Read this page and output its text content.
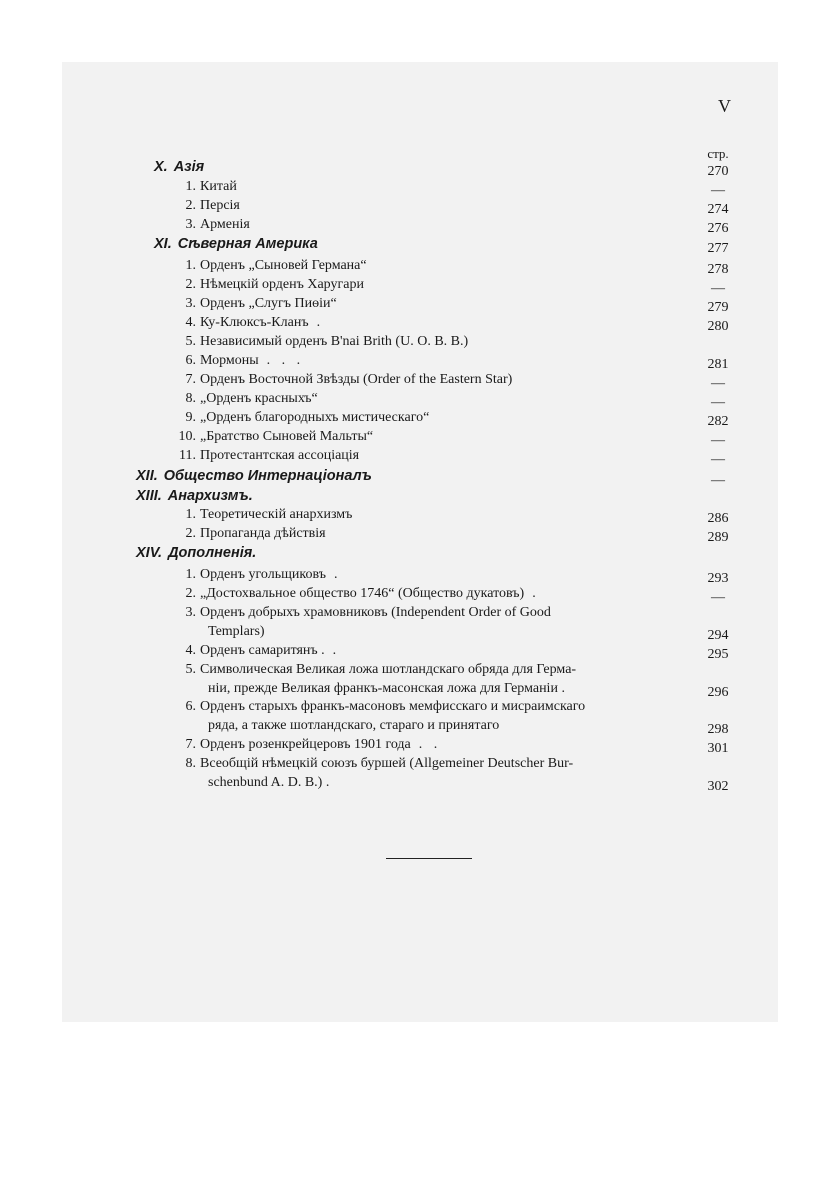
V
стр.
X. Азія	270
1. Китай	—
2. Персія	274
3. Арменія	276
XI. Сѣверная Америка	277
1. Орденъ „Сыновей Германа“	278
2. Нѣмецкій орденъ Харугари	—
3. Орденъ „Слугъ Пиѳіи“	279
4. Ку-Клюксъ-Кланъ .	280
5. Независимый орденъ B'nai Brith (U. O. B. B.)
6. Мормоны . . .	281
7. Орденъ Восточной Звѣзды (Order of the Eastern Star)	—
8. „Орденъ красныхъ“	—
9. „Орденъ благородныхъ мистическаго“	282
10. „Братство Сыновей Мальты“	—
11. Протестантская ассоціація	—
XII. Общество Интернаціоналъ	—
XIII. Анархизмъ.
1. Теоретическій анархизмъ	286
2. Пропаганда дѣйствія	289
XIV. Дополненія.
1. Орденъ угольщиковъ .	293
2. „Достохвальное общество 1746“ (Общество дукатовъ) .	—
3. Орденъ добрыхъ храмовниковъ (Independent Order of Good
Templars)	294
4. Орденъ самаритянъ . .	295
5. Символическая Великая ложа шотландскаго обряда для Герма-
ніи, прежде Великая франкъ-масонская ложа для Германіи .	296
6. Орденъ старыхъ франкъ-масоновъ мемфисскаго и мисраимскаго
ряда, а также шотландскаго, стараго и принятаго	298
7. Орденъ розенкрейцеровъ 1901 года . .	301
8. Всеобщій нѣмецкій союзъ буршей (Allgemeiner Deutscher Bur-
schenbund A. D. B.) .	302
